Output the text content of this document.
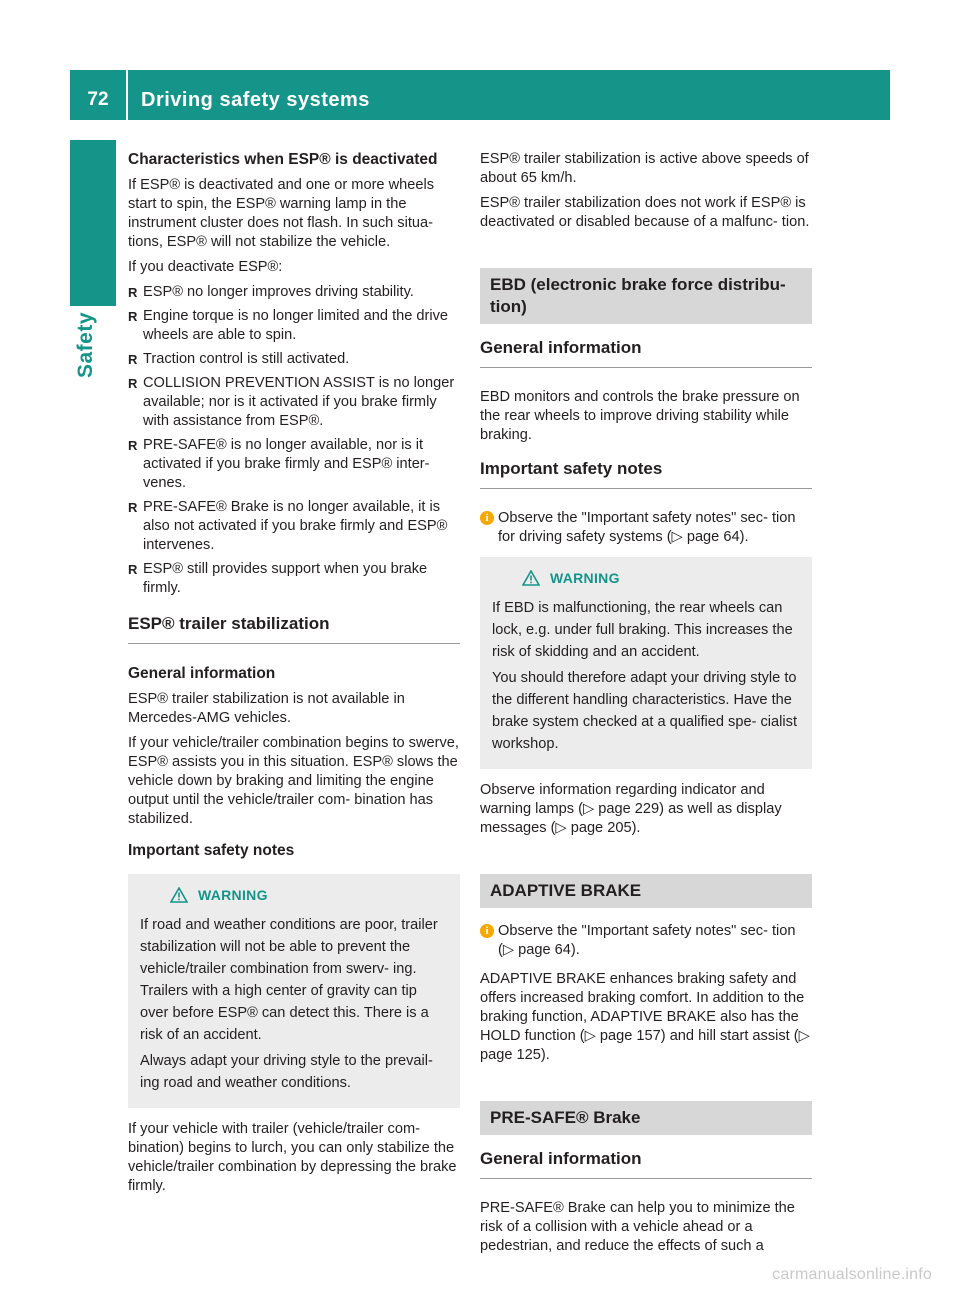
72	Driving safety systems
Safety
Characteristics when ESP® is deactivated

If ESP® is deactivated and one or more wheels start to spin, the ESP® warning lamp in the instrument cluster does not flash. In such situa- tions, ESP® will not stabilize the vehicle.

If you deactivate ESP®:

R ESP® no longer improves driving stability.
R Engine torque is no longer limited and the drive wheels are able to spin.
R Traction control is still activated.
R COLLISION PREVENTION ASSIST is no longer available; nor is it activated if you brake firmly with assistance from ESP®.
R PRE-SAFE® is no longer available, nor is it activated if you brake firmly and ESP® inter- venes.
R PRE-SAFE® Brake is no longer available, it is also not activated if you brake firmly and ESP® intervenes.
R ESP® still provides support when you brake firmly.
ESP® trailer stabilization
General information

ESP® trailer stabilization is not available in Mercedes-AMG vehicles.

If your vehicle/trailer combination begins to swerve, ESP® assists you in this situation. ESP® slows the vehicle down by braking and limiting the engine output until the vehicle/trailer com- bination has stabilized.

Important safety notes
WARNING

If road and weather conditions are poor, trailer stabilization will not be able to prevent the vehicle/trailer combination from swerv- ing. Trailers with a high center of gravity can tip over before ESP® can detect this. There is a risk of an accident.

Always adapt your driving style to the prevail- ing road and weather conditions.

If your vehicle with trailer (vehicle/trailer com- bination) begins to lurch, you can only stabilize the vehicle/trailer combination by depressing the brake firmly.

ESP® trailer stabilization is active above speeds of about 65 km/h.

ESP® trailer stabilization does not work if ESP® is deactivated or disabled because of a malfunc- tion.

EBD (electronic brake force distribu- tion)
General information

EBD monitors and controls the brake pressure on the rear wheels to improve driving stability while braking.

Important safety notes
i Observe the "Important safety notes" sec- tion for driving safety systems (▷ page 64).
WARNING

If EBD is malfunctioning, the rear wheels can lock, e.g. under full braking. This increases the risk of skidding and an accident.

You should therefore adapt your driving style to the different handling characteristics. Have the brake system checked at a qualified spe- cialist workshop.

Observe information regarding indicator and warning lamps (▷ page 229) as well as display messages (▷ page 205).

ADAPTIVE BRAKE
i Observe the "Important safety notes" sec- tion (▷ page 64).

ADAPTIVE BRAKE enhances braking safety and offers increased braking comfort. In addition to the braking function, ADAPTIVE BRAKE also has the HOLD function (▷ page 157) and hill start assist (▷ page 125).

PRE-SAFE® Brake
General information

PRE-SAFE® Brake can help you to minimize the risk of a collision with a vehicle ahead or a pedestrian, and reduce the effects of such a

carmanualsonline.info
